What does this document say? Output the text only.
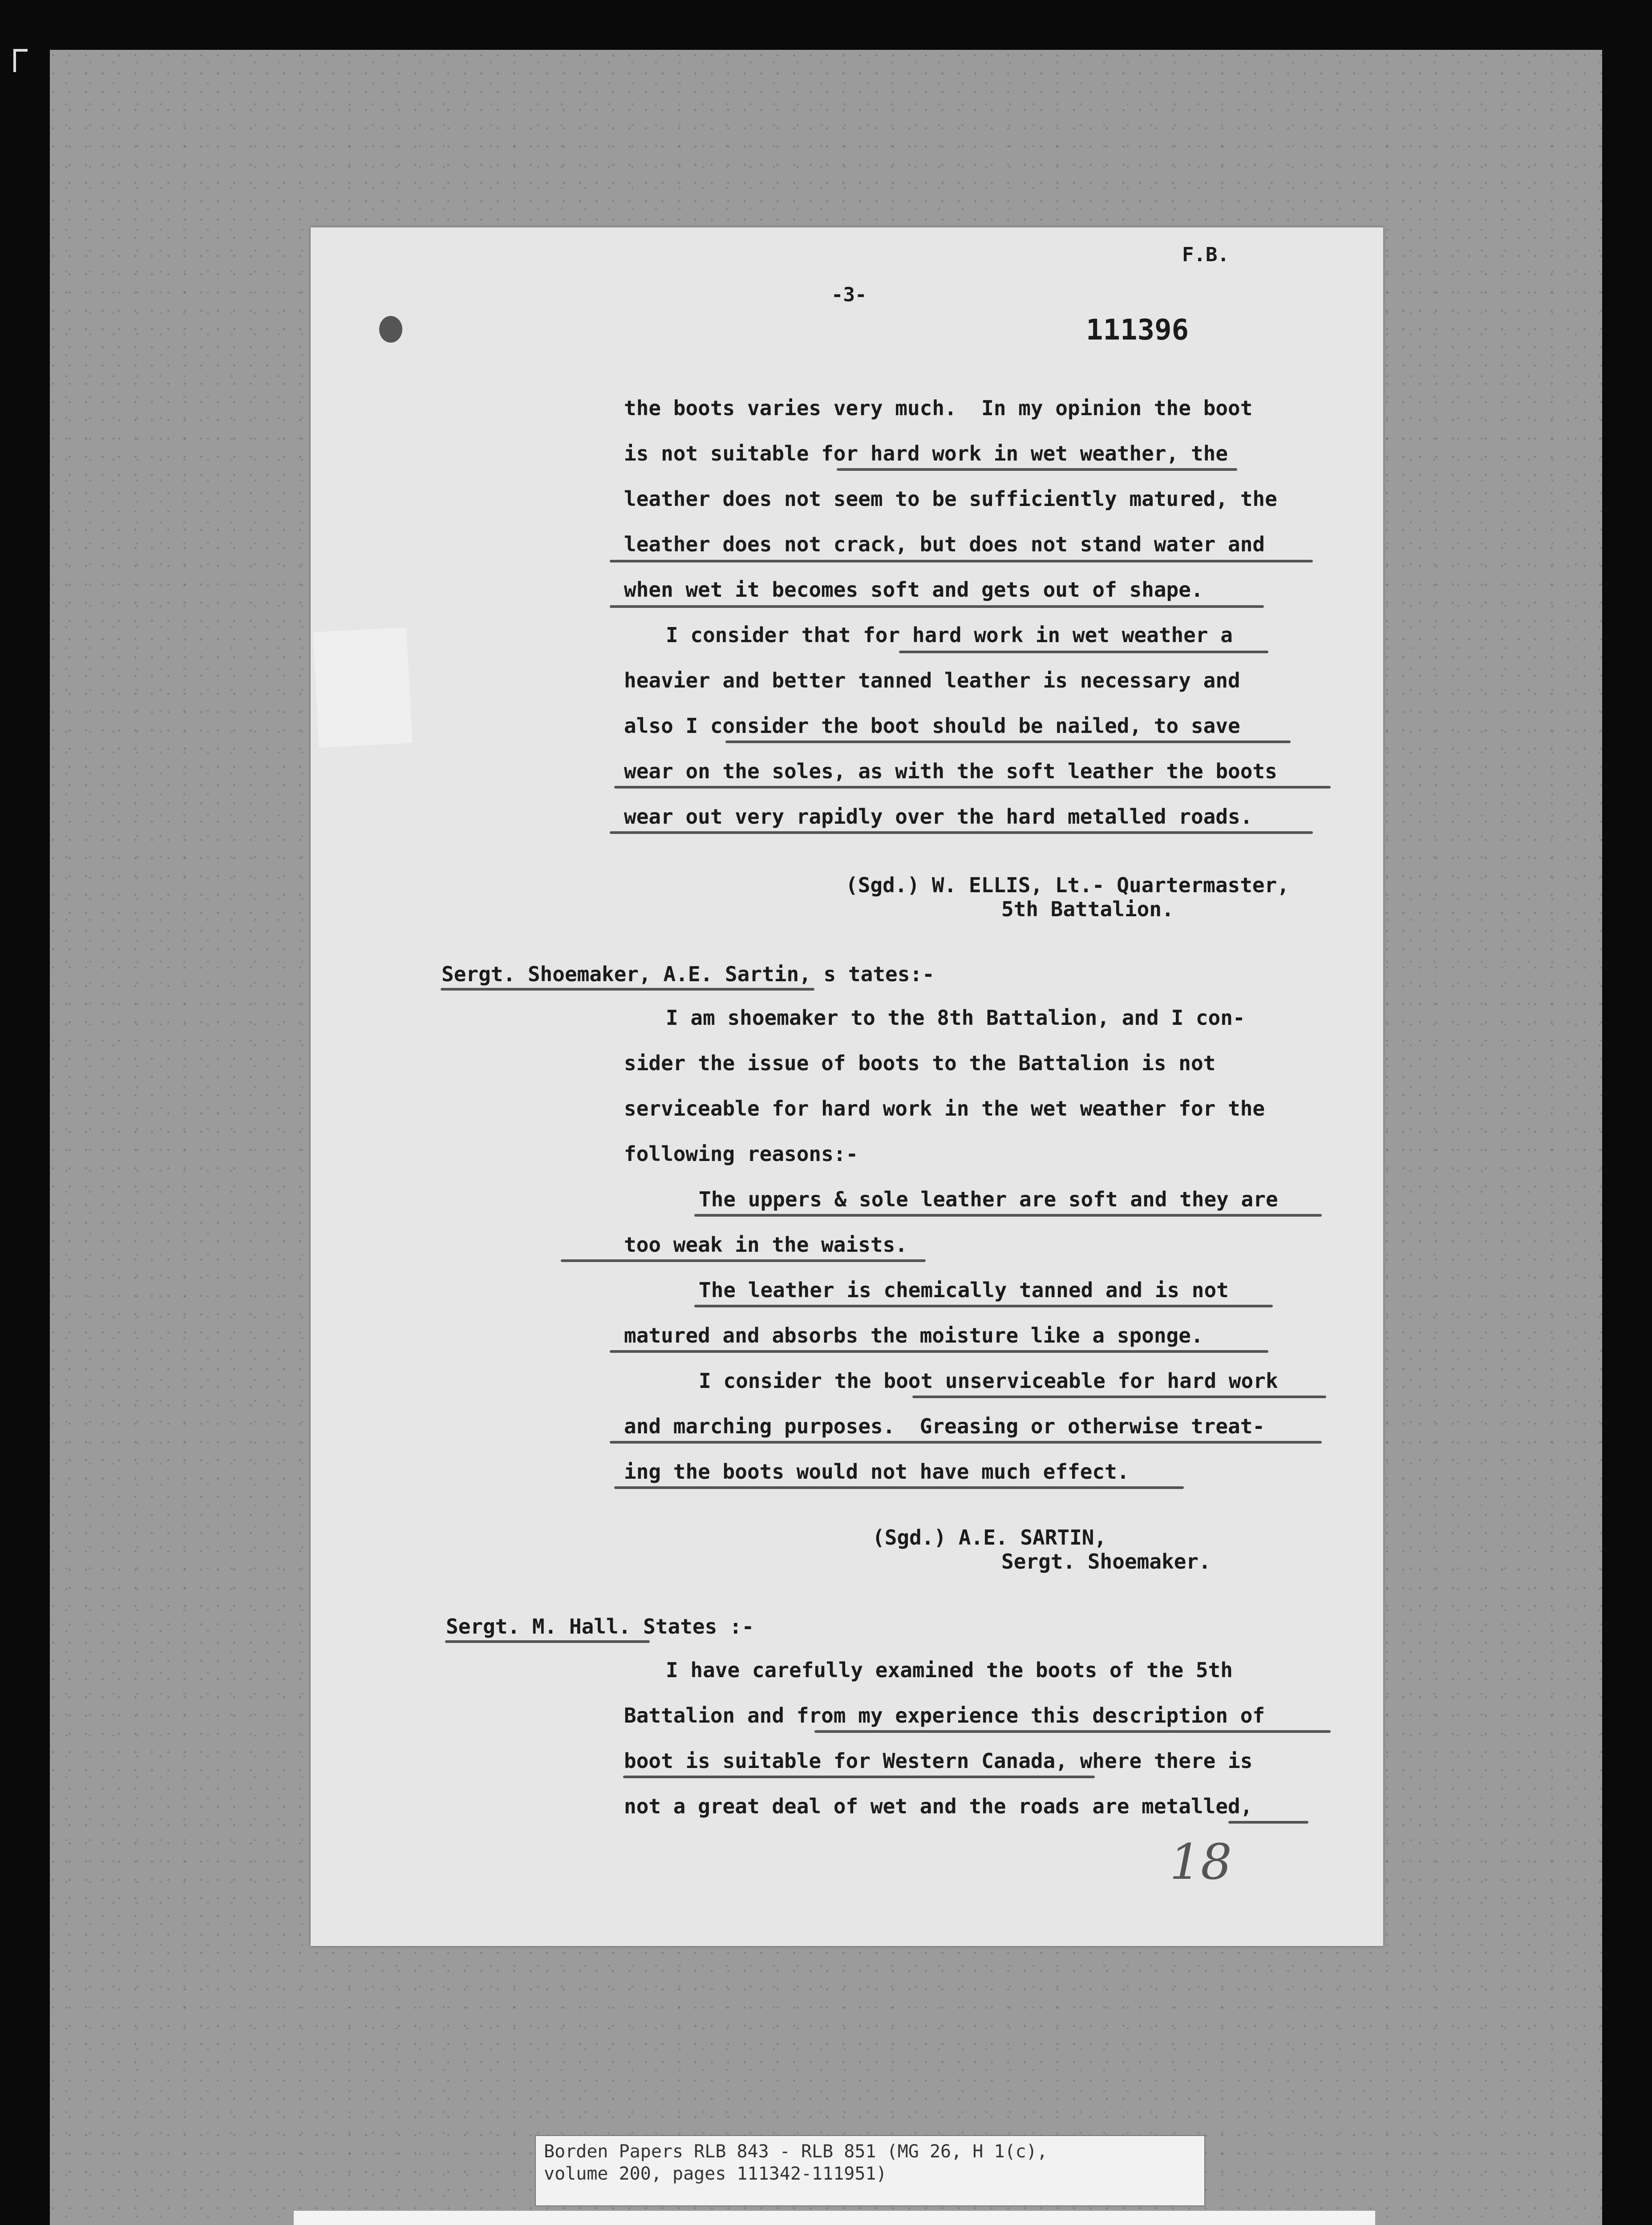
F.B.
-3-
111396
the boots varies very much.  In my opinion the boot
is not suitable for hard work in wet weather, the
leather does not seem to be sufficiently matured, the
leather does not crack, but does not stand water and
when wet it becomes soft and gets out of shape.
I consider that for hard work in wet weather a
heavier and better tanned leather is necessary and
also I consider the boot should be nailed, to save
wear on the soles, as with the soft leather the boots
wear out very rapidly over the hard metalled roads.
(Sgd.) W. ELLIS, Lt.- Quartermaster,
5th Battalion.
Sergt. Shoemaker, A.E. Sartin, s tates:-
I am shoemaker to the 8th Battalion, and I con-
sider the issue of boots to the Battalion is not
serviceable for hard work in the wet weather for the
following reasons:-
The uppers & sole leather are soft and they are
too weak in the waists.
The leather is chemically tanned and is not
matured and absorbs the moisture like a sponge.
I consider the boot unserviceable for hard work
and marching purposes.  Greasing or otherwise treat-
ing the boots would not have much effect.
(Sgd.) A.E. SARTIN,
Sergt. Shoemaker.
Sergt. M. Hall. States :-
I have carefully examined the boots of the 5th
Battalion and from my experience this description of
boot is suitable for Western Canada, where there is
not a great deal of wet and the roads are metalled,
18
Borden Papers RLB 843 - RLB 851 (MG 26, H 1(c),
volume 200, pages 111342-111951)
